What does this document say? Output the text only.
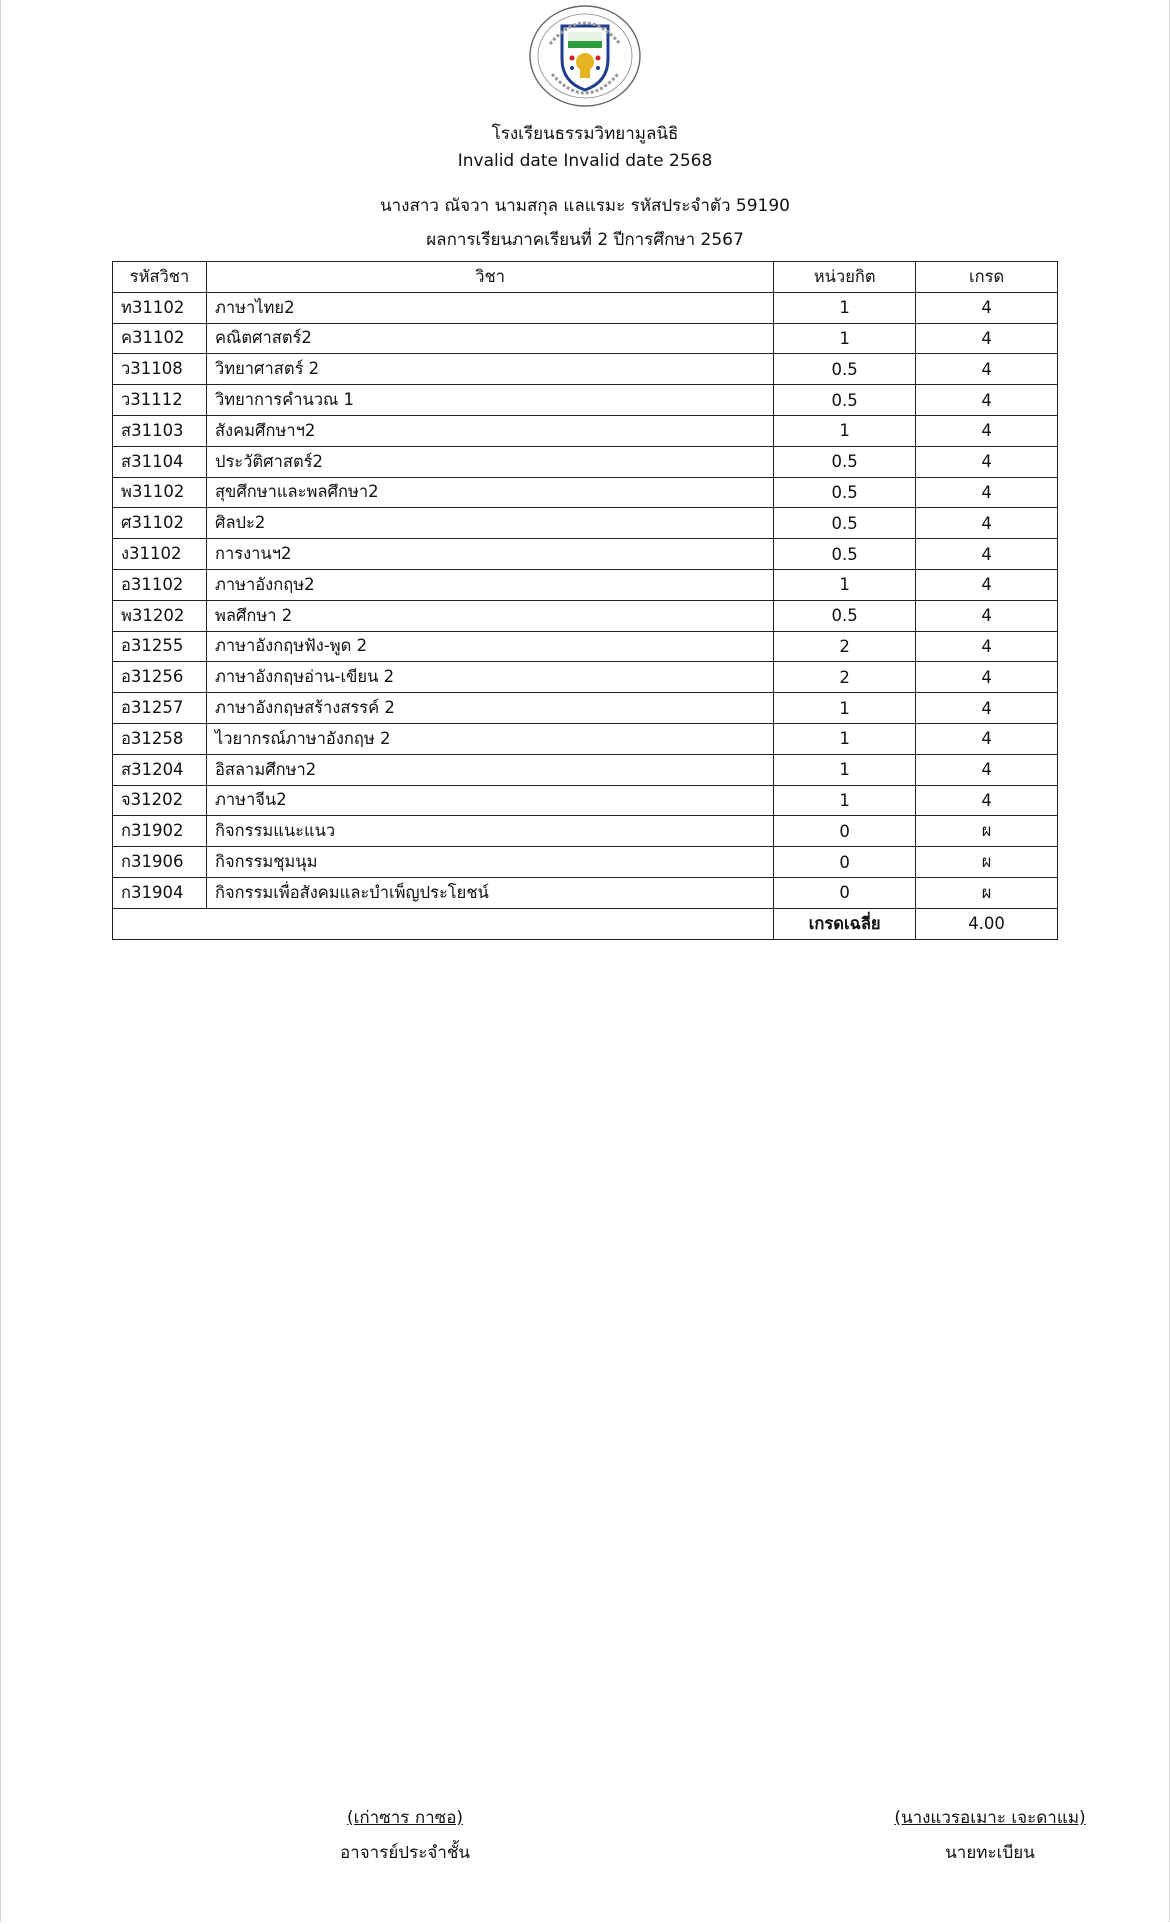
โรงเรียนธรรมวิทยามูลนิธิ
Invalid date Invalid date 2568
นางสาว ณัจวา นามสกุล แลแรมะ รหัสประจำตัว 59190
ผลการเรียนภาคเรียนที่ 2 ปีการศึกษา 2567
รหัสวิชา	วิชา	หน่วยกิต	เกรด
ท31102	ภาษาไทย2	1	4
ค31102	คณิตศาสตร์2	1	4
ว31108	วิทยาศาสตร์ 2	0.5	4
ว31112	วิทยาการคำนวณ 1	0.5	4
ส31103	สังคมศึกษาฯ2	1	4
ส31104	ประวัติศาสตร์2	0.5	4
พ31102	สุขศึกษาและพลศึกษา2	0.5	4
ศ31102	ศิลปะ2	0.5	4
ง31102	การงานฯ2	0.5	4
อ31102	ภาษาอังกฤษ2	1	4
พ31202	พลศึกษา 2	0.5	4
อ31255	ภาษาอังกฤษฟัง-พูด 2	2	4
อ31256	ภาษาอังกฤษอ่าน-เขียน 2	2	4
อ31257	ภาษาอังกฤษสร้างสรรค์ 2	1	4
อ31258	ไวยากรณ์ภาษาอังกฤษ 2	1	4
ส31204	อิสลามศึกษา2	1	4
จ31202	ภาษาจีน2	1	4
ก31902	กิจกรรมแนะแนว	0	ผ
ก31906	กิจกรรมชุมนุม	0	ผ
ก31904	กิจกรรมเพื่อสังคมและบำเพ็ญประโยชน์	0	ผ
		เกรดเฉลี่ย	4.00
(เก่าซาร กาซอ)
อาจารย์ประจำชั้น
(นางแวรอเมาะ เจะดาแม)
นายทะเบียน
